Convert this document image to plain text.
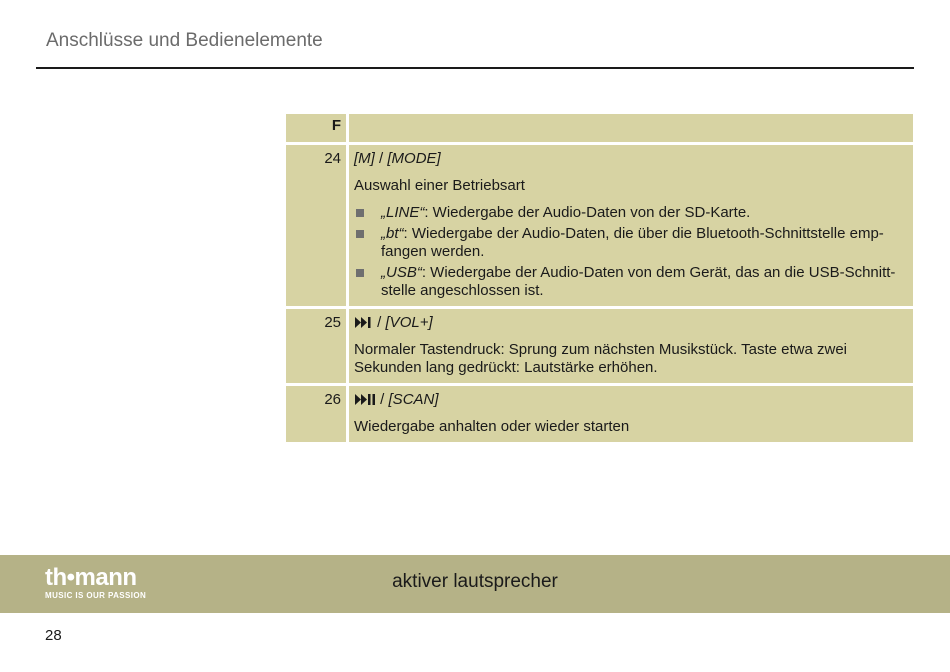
Anschlüsse und Bedienelemente
F
24 [M] / [MODE]
Auswahl einer Betriebsart
„LINE“: Wiedergabe der Audio-Daten von der SD-Karte.
„bt“: Wiedergabe der Audio-Daten, die über die Bluetooth-Schnittstelle emp-fangen werden.
„USB“: Wiedergabe der Audio-Daten von dem Gerät, das an die USB-Schnitt-stelle angeschlossen ist.
25	/ [VOL+]
Normaler Tastendruck: Sprung zum nächsten Musikstück. Taste etwa zwei Sekunden lang gedrückt: Lautstärke erhöhen.
26	/ [SCAN]
Wiedergabe anhalten oder wieder starten
th•mann
MUSIC IS OUR PASSION
aktiver lautsprecher
28
